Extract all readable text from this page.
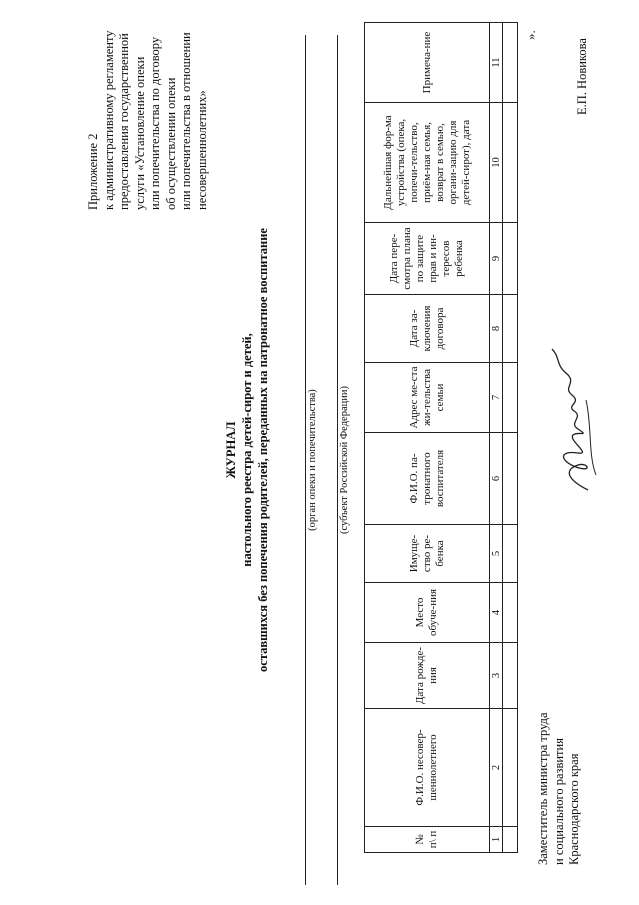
Приложение 2 к административному регламенту предоставления государственной услуги «Установление опеки или попечительства по договору об осуществлении опеки или попечительства в отношении несовершеннолетних»
ЖУРНАЛ настольного реестра детей-сирот и детей, оставшихся без попечения родителей, переданных на патронатное воспитание	(орган опеки и попечительства) (субъект Российской Федерации)
№ п\ п	Ф.И.О. несовер-шеннолетнего	Дата рожде-ния	Место обуче-ния	Имуще-ство ре-бенка	Ф.И.О. па-тронатного воспитателя	Адрес ме-ста жи-тельства семьи	Дата за-ключения договора	Дата пере-смотра плана по защите прав и ин-тересов ребенка	Дальнейшая фор-ма устройства (опека, попечи-тельство, приём-ная семья, возврат в семью, органи-зацию для детей-сирот), дата	Примеча-ние
1	2	3	4	5	6	7	8	9	10	11

».
Заместитель министра труда и социального развития Краснодарского края
Е.П. Новикова
